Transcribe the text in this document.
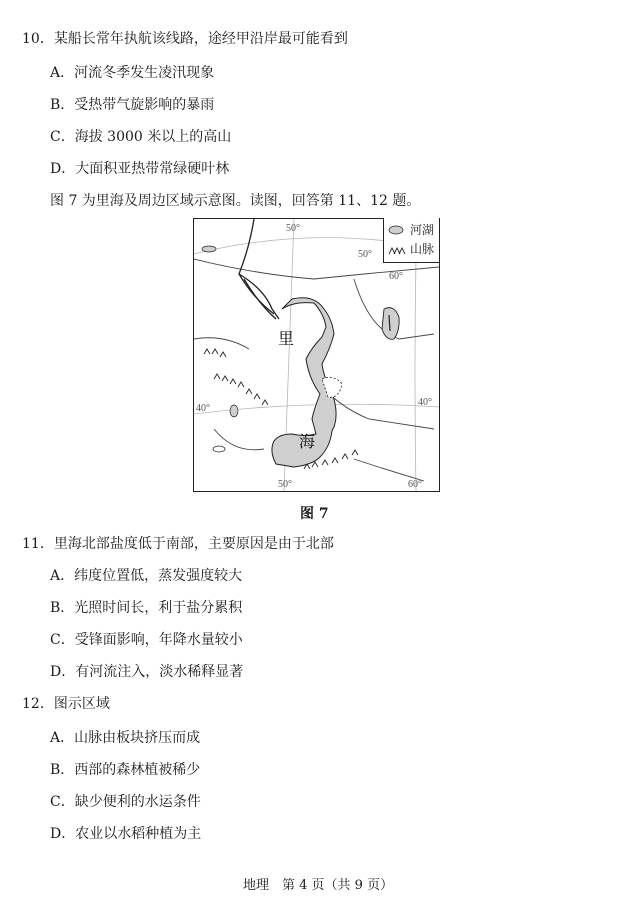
10．某船长常年执航该线路，途经甲沿岸最可能看到
A．河流冬季发生凌汛现象
B．受热带气旋影响的暴雨
C．海拔 3000 米以上的高山
D．大面积亚热带常绿硬叶林
图 7 为里海及周边区域示意图。读图，回答第 11、12 题。
50°
60°
50°	60°
50°
40°
40°
里
海
河湖
山脉
图 7
11．里海北部盐度低于南部，主要原因是由于北部
A．纬度位置低，蒸发强度较大
B．光照时间长，利于盐分累积
C．受锋面影响，年降水量较小
D．有河流注入，淡水稀释显著
12．图示区域
A．山脉由板块挤压而成
B．西部的森林植被稀少
C．缺少便利的水运条件
D．农业以水稻种植为主
地理　第 4 页（共 9 页）
